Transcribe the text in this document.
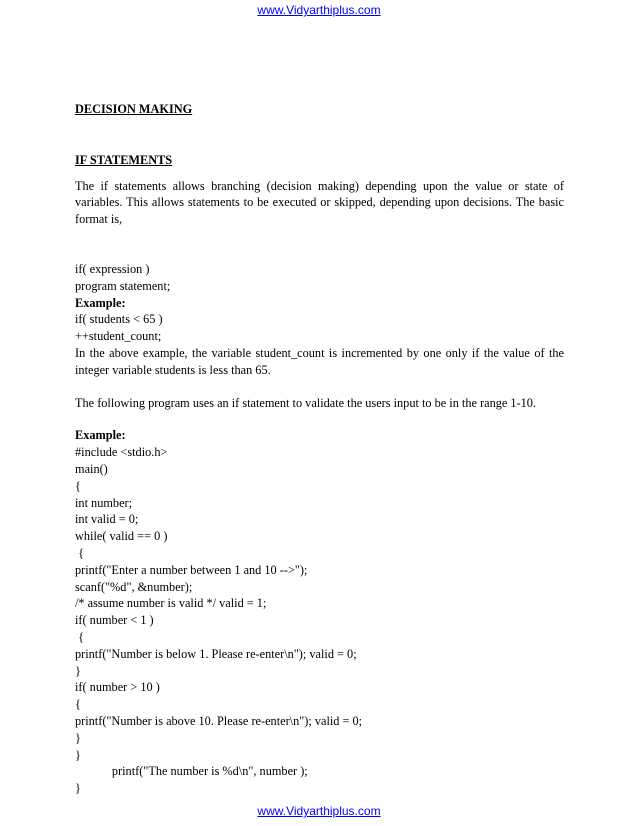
www.Vidyarthiplus.com

DECISION MAKING

IF STATEMENTS

The if statements allows branching (decision making) depending upon the value or state of variables. This allows statements to be executed or skipped, depending upon decisions. The basic format is,

if( expression )

program statement;

Example:

if( students < 65 )

++student_count;

In the above example, the variable student_count is incremented by one only if the value of the integer variable students is less than 65.

The following program uses an if statement to validate the users input to be in the range 1-10.

Example:

#include <stdio.h>

main()

{

int number;

int valid = 0;

while( valid == 0 )

{

printf("Enter a number between 1 and 10 -->");

scanf("%d", &number);

/* assume number is valid */ valid = 1;

if( number < 1 )

{

printf("Number is below 1. Please re-enter\n"); valid = 0;

}

if( number > 10 )

{

printf("Number is above 10. Please re-enter\n"); valid = 0;

}

}

printf("The number is %d\n", number );

}

www.Vidyarthiplus.com
